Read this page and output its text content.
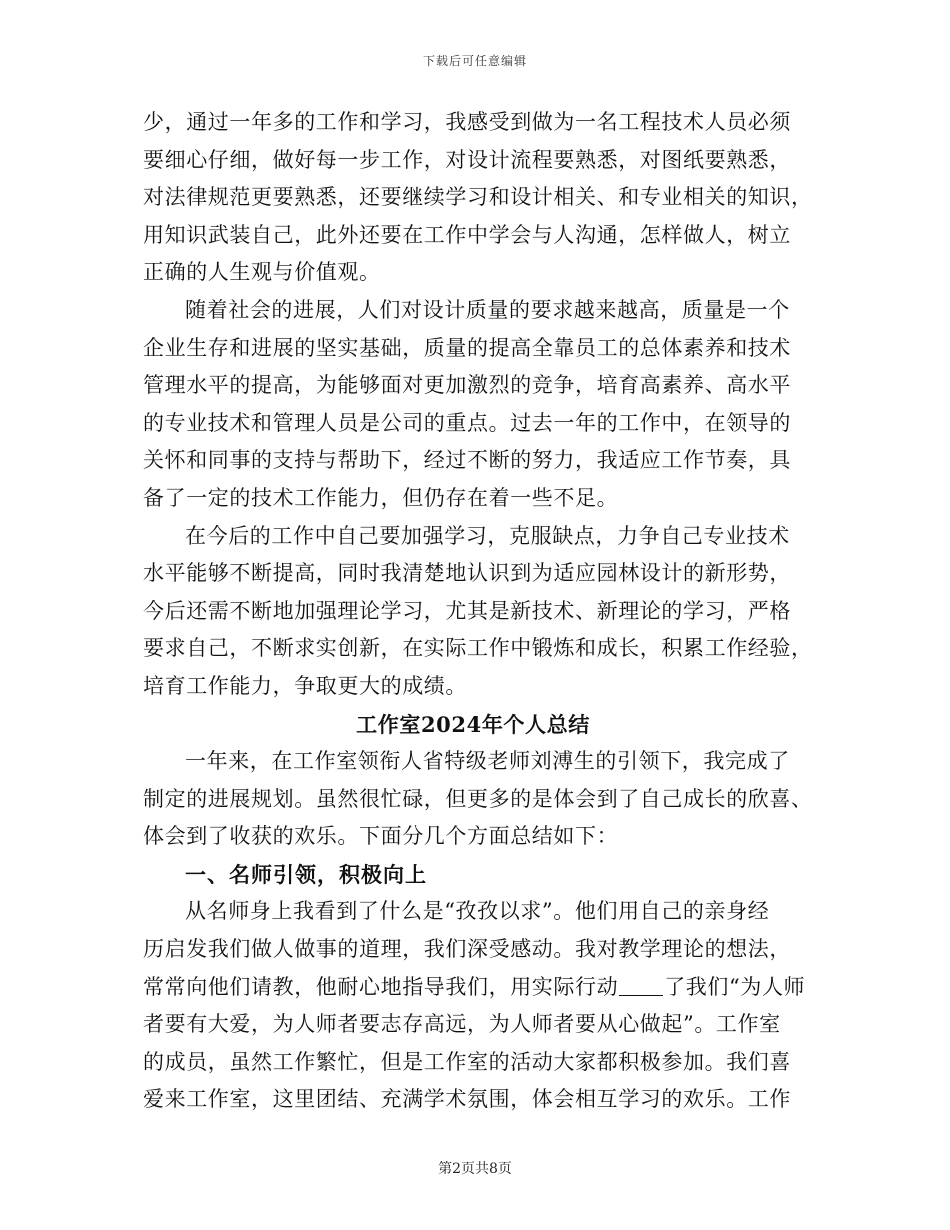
下载后可任意编辑
少，通过一年多的工作和学习，我感受到做为一名工程技术人员必须
要细心仔细，做好每一步工作，对设计流程要熟悉，对图纸要熟悉，
对法律规范更要熟悉，还要继续学习和设计相关、和专业相关的知识，
用知识武装自己，此外还要在工作中学会与人沟通，怎样做人，树立
正确的人生观与价值观。
随着社会的进展，人们对设计质量的要求越来越高，质量是一个
企业生存和进展的坚实基础，质量的提高全靠员工的总体素养和技术
管理水平的提高，为能够面对更加激烈的竞争，培育高素养、高水平
的专业技术和管理人员是公司的重点。过去一年的工作中，在领导的
关怀和同事的支持与帮助下，经过不断的努力，我适应工作节奏，具
备了一定的技术工作能力，但仍存在着一些不足。
在今后的工作中自己要加强学习，克服缺点，力争自己专业技术
水平能够不断提高，同时我清楚地认识到为适应园林设计的新形势，
今后还需不断地加强理论学习，尤其是新技术、新理论的学习，严格
要求自己，不断求实创新，在实际工作中锻炼和成长，积累工作经验，
培育工作能力，争取更大的成绩。
工作室2024年个人总结
一年来，在工作室领衔人省特级老师刘溥生的引领下，我完成了
制定的进展规划。虽然很忙碌，但更多的是体会到了自己成长的欣喜、
体会到了收获的欢乐。下面分几个方面总结如下：
一、名师引领，积极向上
从名师身上我看到了什么是“孜孜以求”。他们用自己的亲身经
历启发我们做人做事的道理，我们深受感动。我对教学理论的想法，
常常向他们请教，他耐心地指导我们，用实际行动 了我们“为人师
者要有大爱，为人师者要志存高远，为人师者要从心做起”。工作室
的成员，虽然工作繁忙，但是工作室的活动大家都积极参加。我们喜
爱来工作室，这里团结、充满学术氛围，体会相互学习的欢乐。工作
第2页共8页
